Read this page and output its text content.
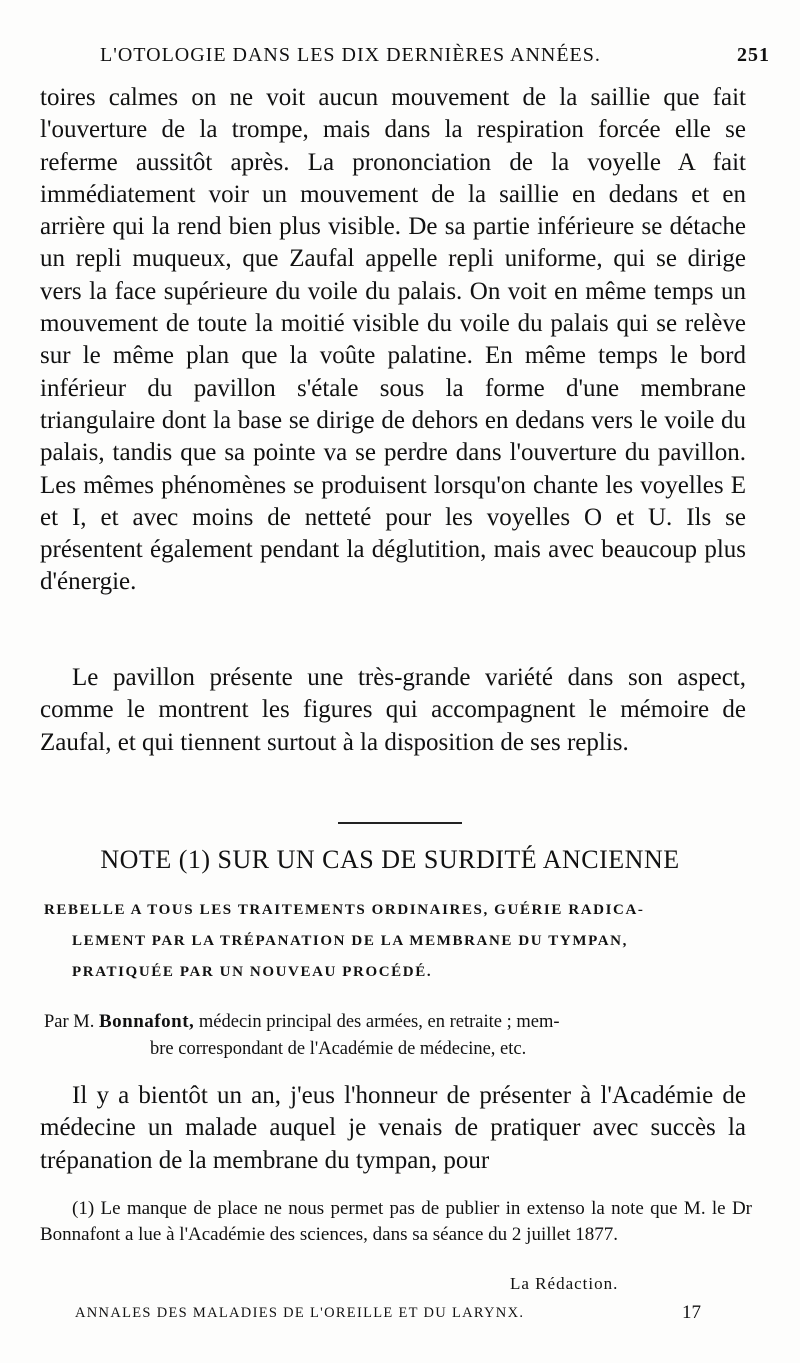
L'OTOLOGIE DANS LES DIX DERNIÈRES ANNÉES.	251
toires calmes on ne voit aucun mouvement de la saillie que fait l'ouverture de la trompe, mais dans la respiration forcée elle se referme aussitôt après. La prononciation de la voyelle A fait immédiatement voir un mouvement de la saillie en dedans et en arrière qui la rend bien plus visible. De sa partie inférieure se détache un repli muqueux, que Zaufal appelle repli uniforme, qui se dirige vers la face supérieure du voile du palais. On voit en même temps un mouvement de toute la moitié visible du voile du palais qui se relève sur le même plan que la voûte palatine. En même temps le bord inférieur du pavillon s'étale sous la forme d'une membrane triangulaire dont la base se dirige de dehors en dedans vers le voile du palais, tandis que sa pointe va se perdre dans l'ouverture du pavillon. Les mêmes phénomènes se produisent lorsqu'on chante les voyelles E et I, et avec moins de netteté pour les voyelles O et U. Ils se présentent également pendant la déglutition, mais avec beaucoup plus d'énergie.
Le pavillon présente une très-grande variété dans son aspect, comme le montrent les figures qui accompagnent le mémoire de Zaufal, et qui tiennent surtout à la disposition de ses replis.
NOTE (1) SUR UN CAS DE SURDITÉ ANCIENNE
REBELLE A TOUS LES TRAITEMENTS ORDINAIRES, GUÉRIE RADICA-
LEMENT PAR LA TRÉPANATION DE LA MEMBRANE DU TYMPAN,
PRATIQUÉE PAR UN NOUVEAU PROCÉDÉ.
Par M. Bonnafont, médecin principal des armées, en retraite ; mem-
bre correspondant de l'Académie de médecine, etc.
Il y a bientôt un an, j'eus l'honneur de présenter à l'Académie de médecine un malade auquel je venais de pratiquer avec succès la trépanation de la membrane du tympan, pour
(1) Le manque de place ne nous permet pas de publier in extenso la note que M. le Dr Bonnafont a lue à l'Académie des sciences, dans sa séance du 2 juillet 1877.
La Rédaction.
ANNALES DES MALADIES DE L'OREILLE ET DU LARYNX.	17
